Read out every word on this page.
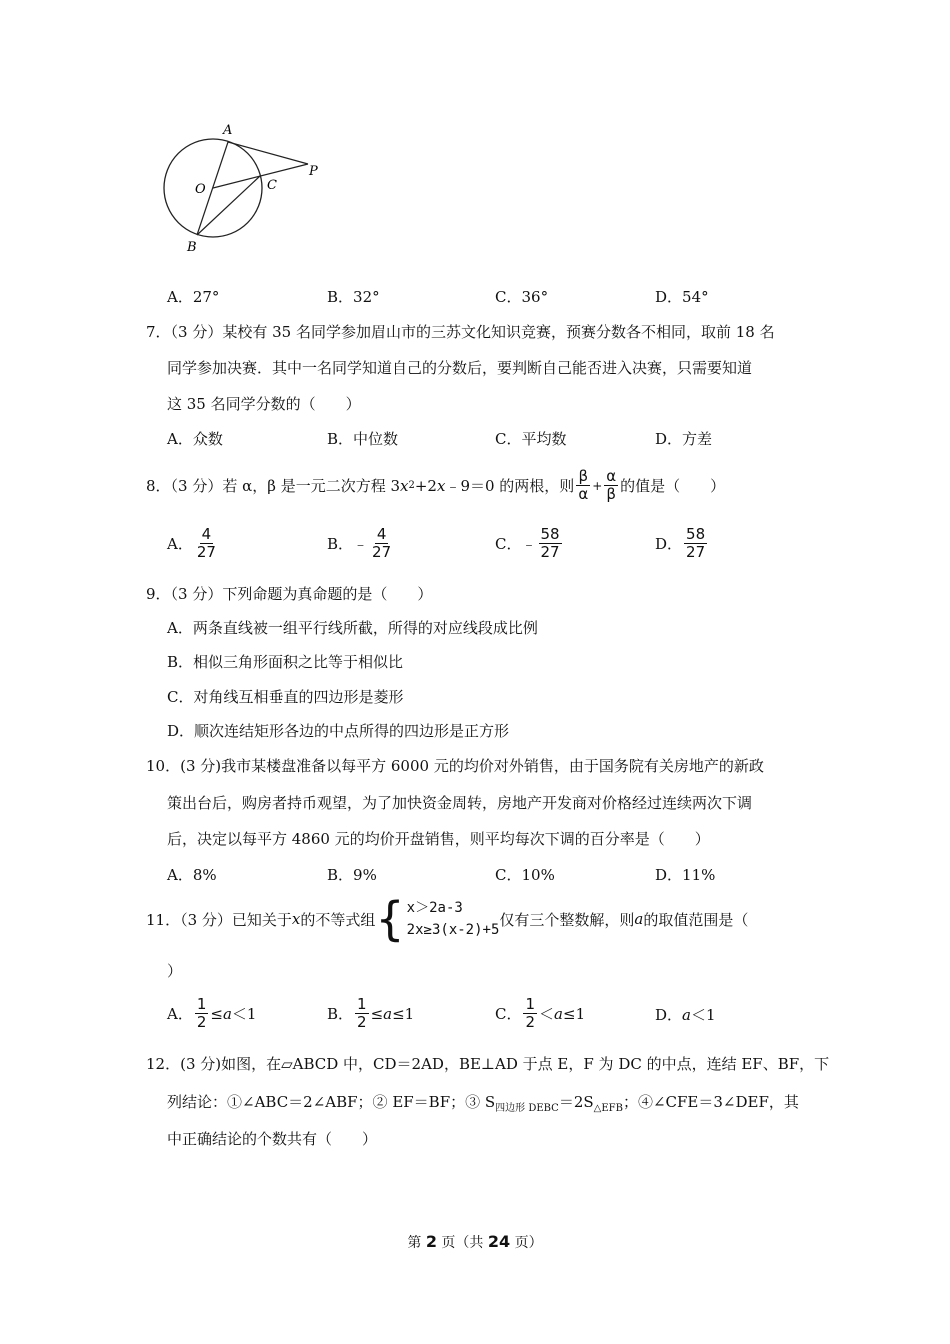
A
O	C
P
B
A．27°	B．32°	C．36°	D．54°
7．（3 分）某校有 35 名同学参加眉山市的三苏文化知识竞赛，预赛分数各不相同，取前 18 名
同学参加决赛．其中一名同学知道自己的分数后，要判断自己能否进入决赛，只需要知道
这 35 名同学分数的（　　）
A．众数	B．中位数	C．平均数	D．方差
8．（3 分）若 α，β 是一元二次方程 3 x 2 +2 x ﹣9＝0 的两根，则 $\frac{\beta}{\alpha} + \frac{\alpha}{\beta}$ 的值是（　　）
A． $\frac{4}{27}$	B． ﹣ $\frac{4}{27}$	C． ﹣ $\frac{58}{27}$	D． $\frac{58}{27}$
9．（3 分）下列命题为真命题的是（　　）
A．两条直线被一组平行线所截，所得的对应线段成比例
B．相似三角形面积之比等于相似比
C．对角线互相垂直的四边形是菱形
D．顺次连结矩形各边的中点所得的四边形是正方形
10．(3 分)我市某楼盘准备以每平方 6000 元的均价对外销售，由于国务院有关房地产的新政
策出台后，购房者持币观望，为了加快资金周转，房地产开发商对价格经过连续两次下调
后，决定以每平方 4860 元的均价开盘销售，则平均每次下调的百分率是（　　）
A．8%	B．9%	C．10%	D．11%
11．（3 分）已知关于 x 的不等式组 { x＞2a-3
2x≥3(x-2)+5
仅有三个整数解，则 a 的取值范围是（
）
A． $\frac{1}{2} \le a <1$	B． $\frac{1}{2} \le a \le 1$	C． $\frac{1}{2} < a \le 1$	D． a ＜1
12．(3 分)如图，在▱ABCD 中，CD＝2AD，BE⊥AD 于点 E，F 为 DC 的中点，连结 EF、BF，下
列结论：①∠ABC＝2∠ABF；② EF＝BF；③ $S_{四边形 DEBC}=2S_{\triangle EFB}$；④∠CFE＝3∠DEF，其
中正确结论的个数共有（　　）
第 2 页（共 24 页）
